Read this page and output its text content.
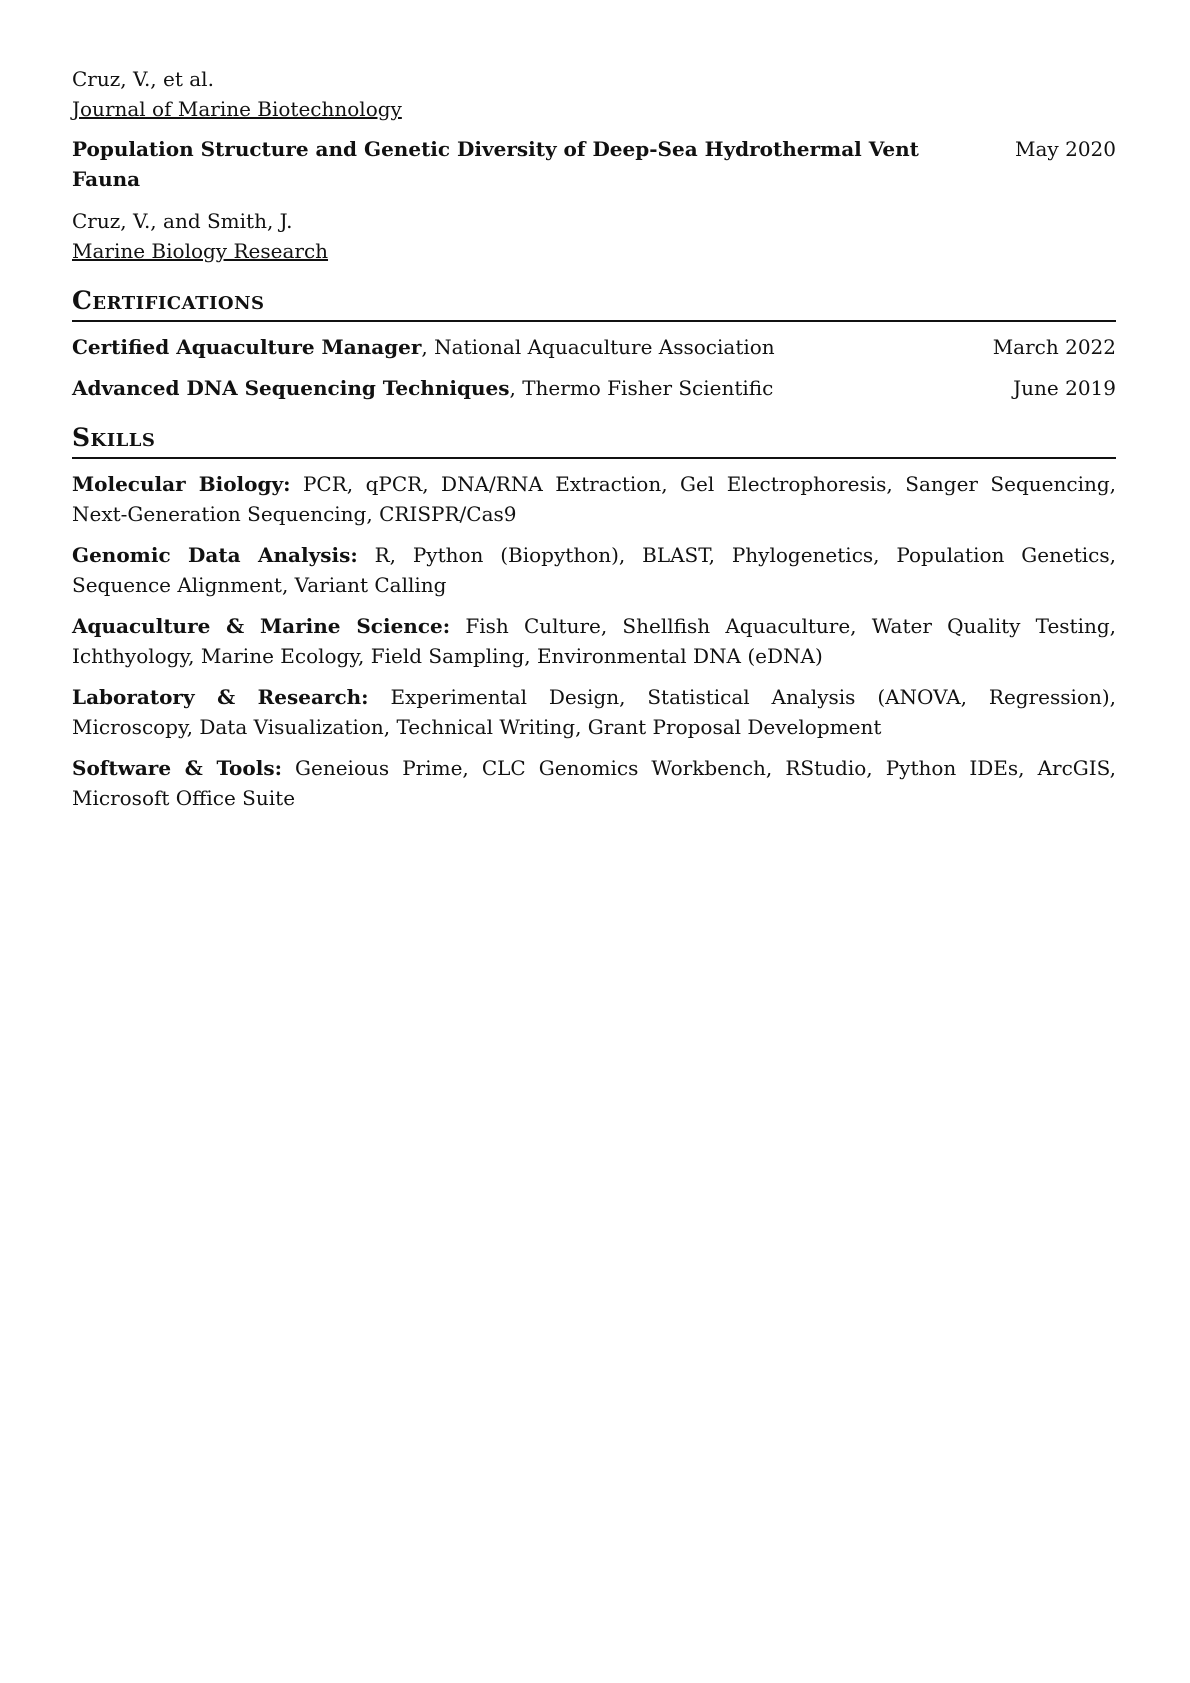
Cruz, V., et al.
Journal of Marine Biotechnology
Population Structure and Genetic Diversity of Deep-Sea Hydrothermal Vent Fauna
May 2020
Cruz, V., and Smith, J.
Marine Biology Research
Certifications
Certified Aquaculture Manager, National Aquaculture Association	March 2022
Advanced DNA Sequencing Techniques, Thermo Fisher Scientific	June 2019
Skills
Molecular Biology: PCR, qPCR, DNA/RNA Extraction, Gel Electrophoresis, Sanger Sequencing, Next-Generation Sequencing, CRISPR/Cas9
Genomic Data Analysis: R, Python (Biopython), BLAST, Phylogenetics, Population Genetics, Sequence Alignment, Variant Calling
Aquaculture & Marine Science: Fish Culture, Shellfish Aquaculture, Water Quality Testing, Ichthyology, Marine Ecology, Field Sampling, Environmental DNA (eDNA)
Laboratory & Research: Experimental Design, Statistical Analysis (ANOVA, Regression), Microscopy, Data Visualization, Technical Writing, Grant Proposal Development
Software & Tools: Geneious Prime, CLC Genomics Workbench, RStudio, Python IDEs, ArcGIS, Microsoft Office Suite
